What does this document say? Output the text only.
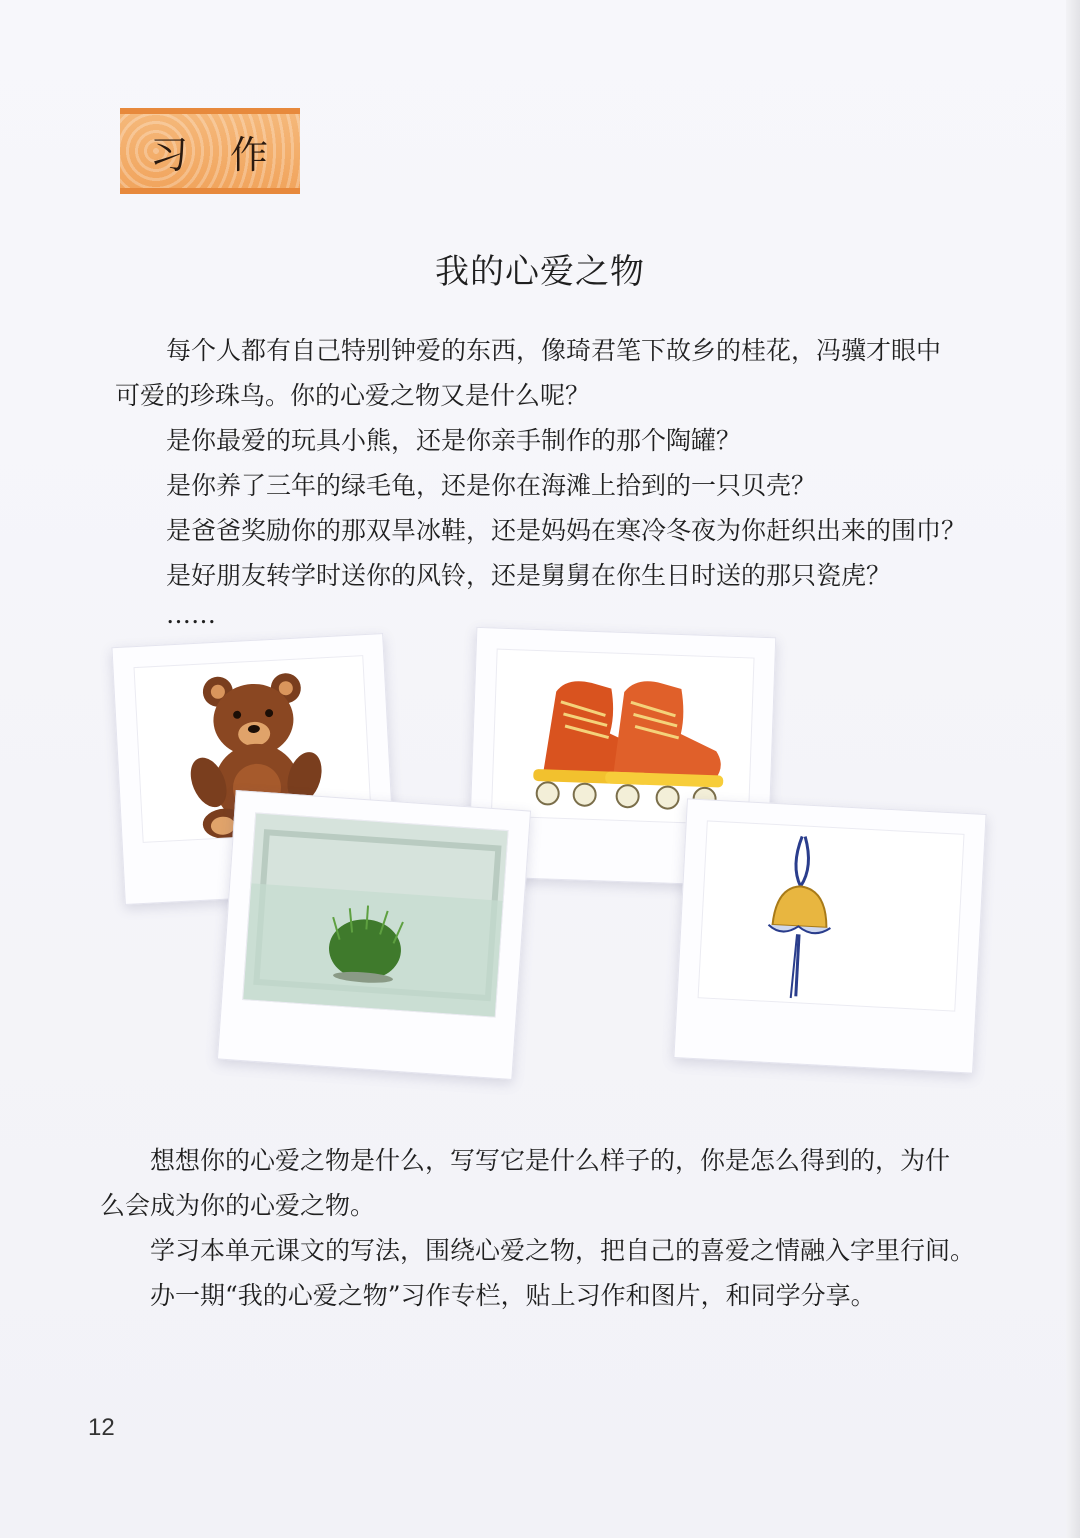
习 作
我的心爱之物
每个人都有自己特别钟爱的东西，像琦君笔下故乡的桂花，冯骥才眼中
可爱的珍珠鸟。你的心爱之物又是什么呢？
是你最爱的玩具小熊，还是你亲手制作的那个陶罐？
是你养了三年的绿毛龟，还是你在海滩上拾到的一只贝壳？
是爸爸奖励你的那双旱冰鞋，还是妈妈在寒冷冬夜为你赶织出来的围巾？
是好朋友转学时送你的风铃，还是舅舅在你生日时送的那只瓷虎？
……
想想你的心爱之物是什么，写写它是什么样子的，你是怎么得到的，为什
么会成为你的心爱之物。
学习本单元课文的写法，围绕心爱之物，把自己的喜爱之情融入字里行间。
办一期“我的心爱之物”习作专栏，贴上习作和图片，和同学分享。
12
